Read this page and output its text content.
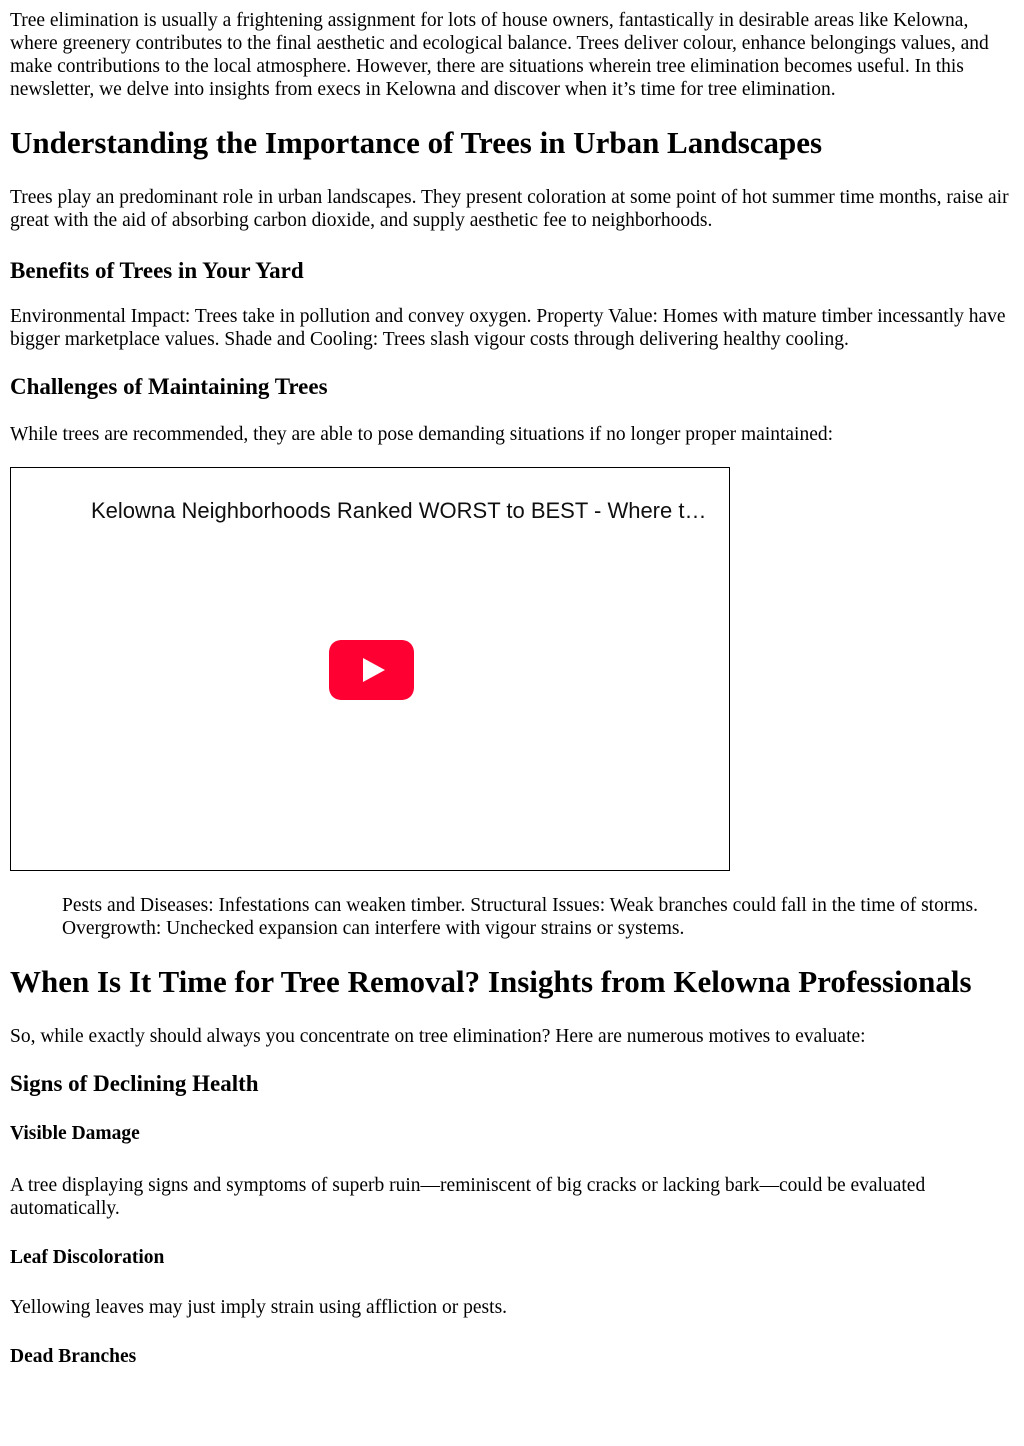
Tree elimination is usually a frightening assignment for lots of house owners, fantastically in desirable areas like Kelowna, where greenery contributes to the final aesthetic and ecological balance. Trees deliver colour, enhance belongings values, and make contributions to the local atmosphere. However, there are situations wherein tree elimination becomes useful. In this newsletter, we delve into insights from execs in Kelowna and discover when it’s time for tree elimination.

Understanding the Importance of Trees in Urban Landscapes

Trees play an predominant role in urban landscapes. They present coloration at some point of hot summer time months, raise air great with the aid of absorbing carbon dioxide, and supply aesthetic fee to neighborhoods.

Benefits of Trees in Your Yard

Environmental Impact: Trees take in pollution and convey oxygen. Property Value: Homes with mature timber incessantly have bigger marketplace values. Shade and Cooling: Trees slash vigour costs through delivering healthy cooling.

Challenges of Maintaining Trees

While trees are recommended, they are able to pose demanding situations if no longer proper maintained:

Kelowna Neighborhoods Ranked WORST to BEST - Where t…

Pests and Diseases: Infestations can weaken timber. Structural Issues: Weak branches could fall in the time of storms. Overgrowth: Unchecked expansion can interfere with vigour strains or systems.

When Is It Time for Tree Removal? Insights from Kelowna Professionals

So, while exactly should always you concentrate on tree elimination? Here are numerous motives to evaluate:

Signs of Declining Health
Visible Damage

A tree displaying signs and symptoms of superb ruin—reminiscent of big cracks or lacking bark—could be evaluated automatically.

Leaf Discoloration

Yellowing leaves may just imply strain using affliction or pests.

Dead Branches
